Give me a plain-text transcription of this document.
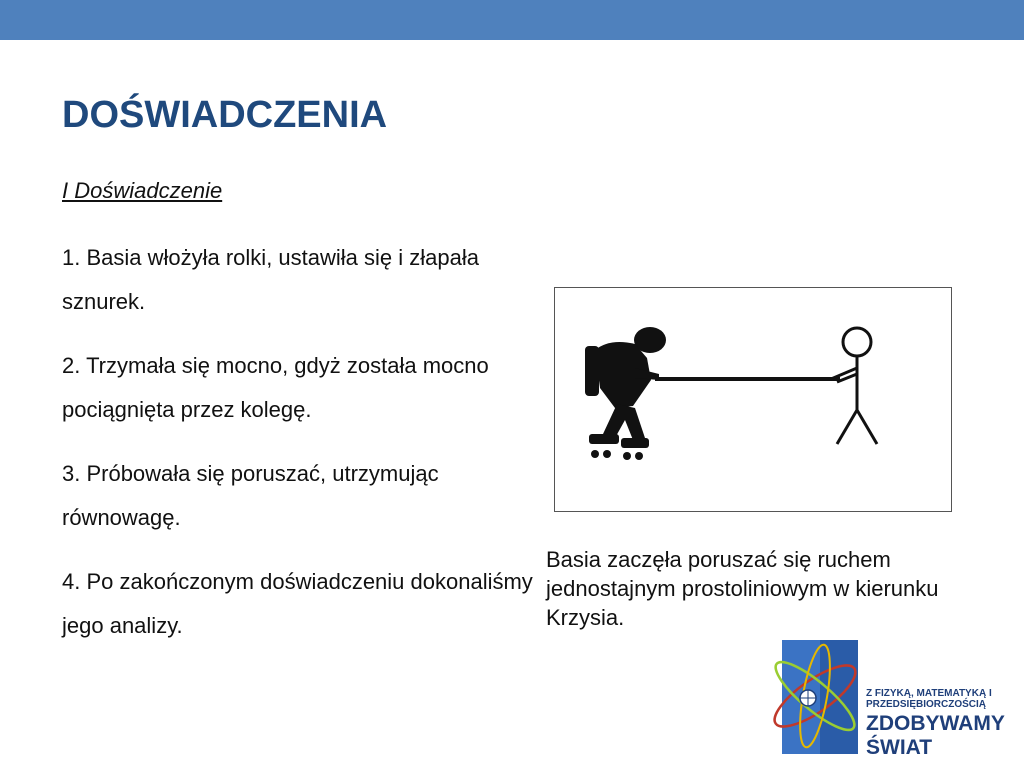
DOŚWIADCZENIA
I Doświadczenie

1. Basia włożyła rolki, ustawiła się i złapała sznurek.

2. Trzymała się mocno, gdyż została mocno pociągnięta przez kolegę.

3. Próbowała się poruszać, utrzymując równowagę.

4. Po zakończonym doświadczeniu dokonaliśmy jego analizy.

Basia zaczęła poruszać się ruchem jednostajnym prostoliniowym w kierunku Krzysia.
Z FIZYKĄ, MATEMATYKĄ I PRZEDSIĘBIORCZOŚCIĄ
ZDOBYWAMY ŚWIAT
